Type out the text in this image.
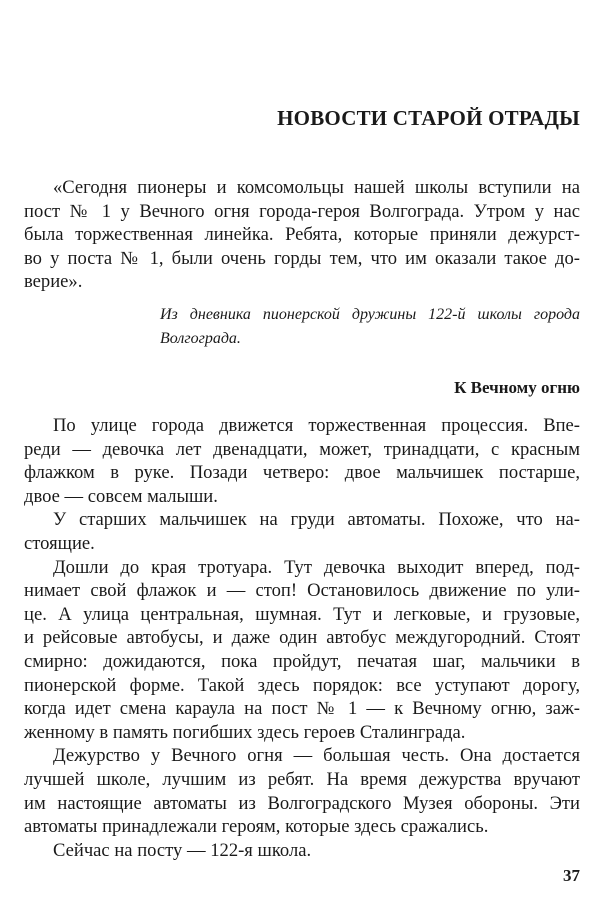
НОВОСТИ СТАРОЙ ОТРАДЫ
«Сегодня пионеры и комсомольцы нашей школы вступили на
пост № 1 у Вечного огня города-героя Волгограда. Утром у нас
была торжественная линейка. Ребята, которые приняли дежурст-
во у поста № 1, были очень горды тем, что им оказали такое до-
верие».
Из дневника пионерской дружины 122-й школы города
Волгограда.
К Вечному огню
По улице города движется торжественная процессия. Впе-
реди — девочка лет двенадцати, может, тринадцати, с красным
флажком в руке. Позади четверо: двое мальчишек постарше,
двое — совсем малыши.
У старших мальчишек на груди автоматы. Похоже, что на-
стоящие.
Дошли до края тротуара. Тут девочка выходит вперед, под-
нимает свой флажок и — стоп! Остановилось движение по ули-
це. А улица центральная, шумная. Тут и легковые, и грузовые,
и рейсовые автобусы, и даже один автобус междугородний. Стоят
смирно: дожидаются, пока пройдут, печатая шаг, мальчики в
пионерской форме. Такой здесь порядок: все уступают дорогу,
когда идет смена караула на пост № 1 — к Вечному огню, заж-
женному в память погибших здесь героев Сталинграда.
Дежурство у Вечного огня — большая честь. Она достается
лучшей школе, лучшим из ребят. На время дежурства вручают
им настоящие автоматы из Волгоградского Музея обороны. Эти
автоматы принадлежали героям, которые здесь сражались.
Сейчас на посту — 122-я школа.
37
